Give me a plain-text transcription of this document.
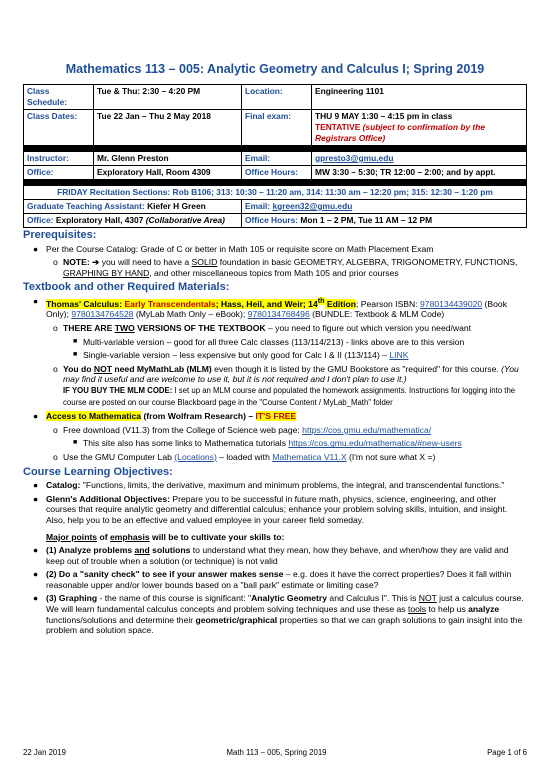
Mathematics 113 – 005: Analytic Geometry and Calculus I; Spring 2019
Class Schedule:	Tue & Thu: 2:30 – 4:20 PM	Location:	Engineering 1101
Class Dates:	Tue 22 Jan – Thu 2 May 2018	Final exam:	THU 9 MAY 1:30 – 4:15 pm in class
TENTATIVE (subject to confirmation by the Registrars Office)

Instructor:	Mr. Glenn Preston	Email:	gpresto3@gmu.edu
Office:	Exploratory Hall, Room 4309	Office Hours:	MW 3:30 – 5:30; TR 12:00 – 2:00; and by appt.

FRIDAY Recitation Sections: Rob B106; 313: 10:30 – 11:20 am, 314: 11:30 am – 12:20 pm; 315: 12:30 – 1:20 pm			
Graduate Teaching Assistant: Kiefer H Green		Email: kgreen32@gmu.edu	
Office: Exploratory Hall, 4307 (Collaborative Area)		Office Hours: Mon 1 – 2 PM, Tue 11 AM – 12 PM	
Prerequisites:
● Per the Course Catalog: Grade of C or better in Math 105 or requisite score on Math Placement Exam
o NOTE: ➔ you will need to have a SOLID foundation in basic GEOMETRY, ALGEBRA, TRIGONOMETRY, FUNCTIONS, GRAPHING BY HAND, and other miscellaneous topics from Math 105 and prior courses
Textbook and other Required Materials:
● Thomas' Calculus: Early Transcendentals; Hass, Heil, and Weir; 14th Edition; Pearson ISBN: 9780134439020 (Book Only); 9780134764528 (MyLab Math Only – eBook); 9780134768496 (BUNDLE: Textbook & MLM Code)
o THERE ARE TWO VERSIONS OF THE TEXTBOOK – you need to figure out which version you need/want
■ Multi-variable version – good for all three Calc classes (113/114/213) - links above are to this version
■ Single-variable version – less expensive but only good for Calc I & II (113/114) – LINK
o You do NOT need MyMathLab (MLM) even though it is listed by the GMU Bookstore as "required" for this course. (You may find it useful and are welcome to use it, but it is not required and I don't plan to use it.)
IF YOU BUY THE MLM CODE: I set up an MLM course and populated the homework assignments. Instructions for logging into the course are posted on our course Blackboard page in the "Course Content / MyLab_Math" folder
● Access to Mathematica (from Wolfram Research) – IT'S FREE
o Free download (V11.3) from the College of Science web page: https://cos.gmu.edu/mathematica/
■ This site also has some links to Mathematica tutorials https://cos.gmu.edu/mathematica/#new-users
o Use the GMU Computer Lab (Locations) – loaded with Mathematica V11.X (I'm not sure what X =)
Course Learning Objectives:
● Catalog: "Functions, limits, the derivative, maximum and minimum problems, the integral, and transcendental functions."
● Glenn's Additional Objectives: Prepare you to be successful in future math, physics, science, engineering, and other courses that require analytic geometry and differential calculus; enhance your problem solving skills, intuition, and insight. Also, help you to be an effective and valued employee in your career field someday.
Major points of emphasis will be to cultivate your skills to:
● (1) Analyze problems and solutions to understand what they mean, how they behave, and when/how they are valid and keep out of trouble when a solution (or technique) is not valid
● (2) Do a "sanity check" to see if your answer makes sense – e.g. does it have the correct properties? Does it fall within reasonable upper and/or lower bounds based on a "ball park" estimate or limiting case?
● (3) Graphing - the name of this course is significant: "Analytic Geometry and Calculus I". This is NOT just a calculus course. We will learn fundamental calculus concepts and problem solving techniques and use these as tools to help us analyze functions/solutions and determine their geometric/graphical properties so that we can graph solutions to gain insight into the problem and solution space.
22 Jan 2019	Math 113 – 005, Spring 2019	Page 1 of 6
